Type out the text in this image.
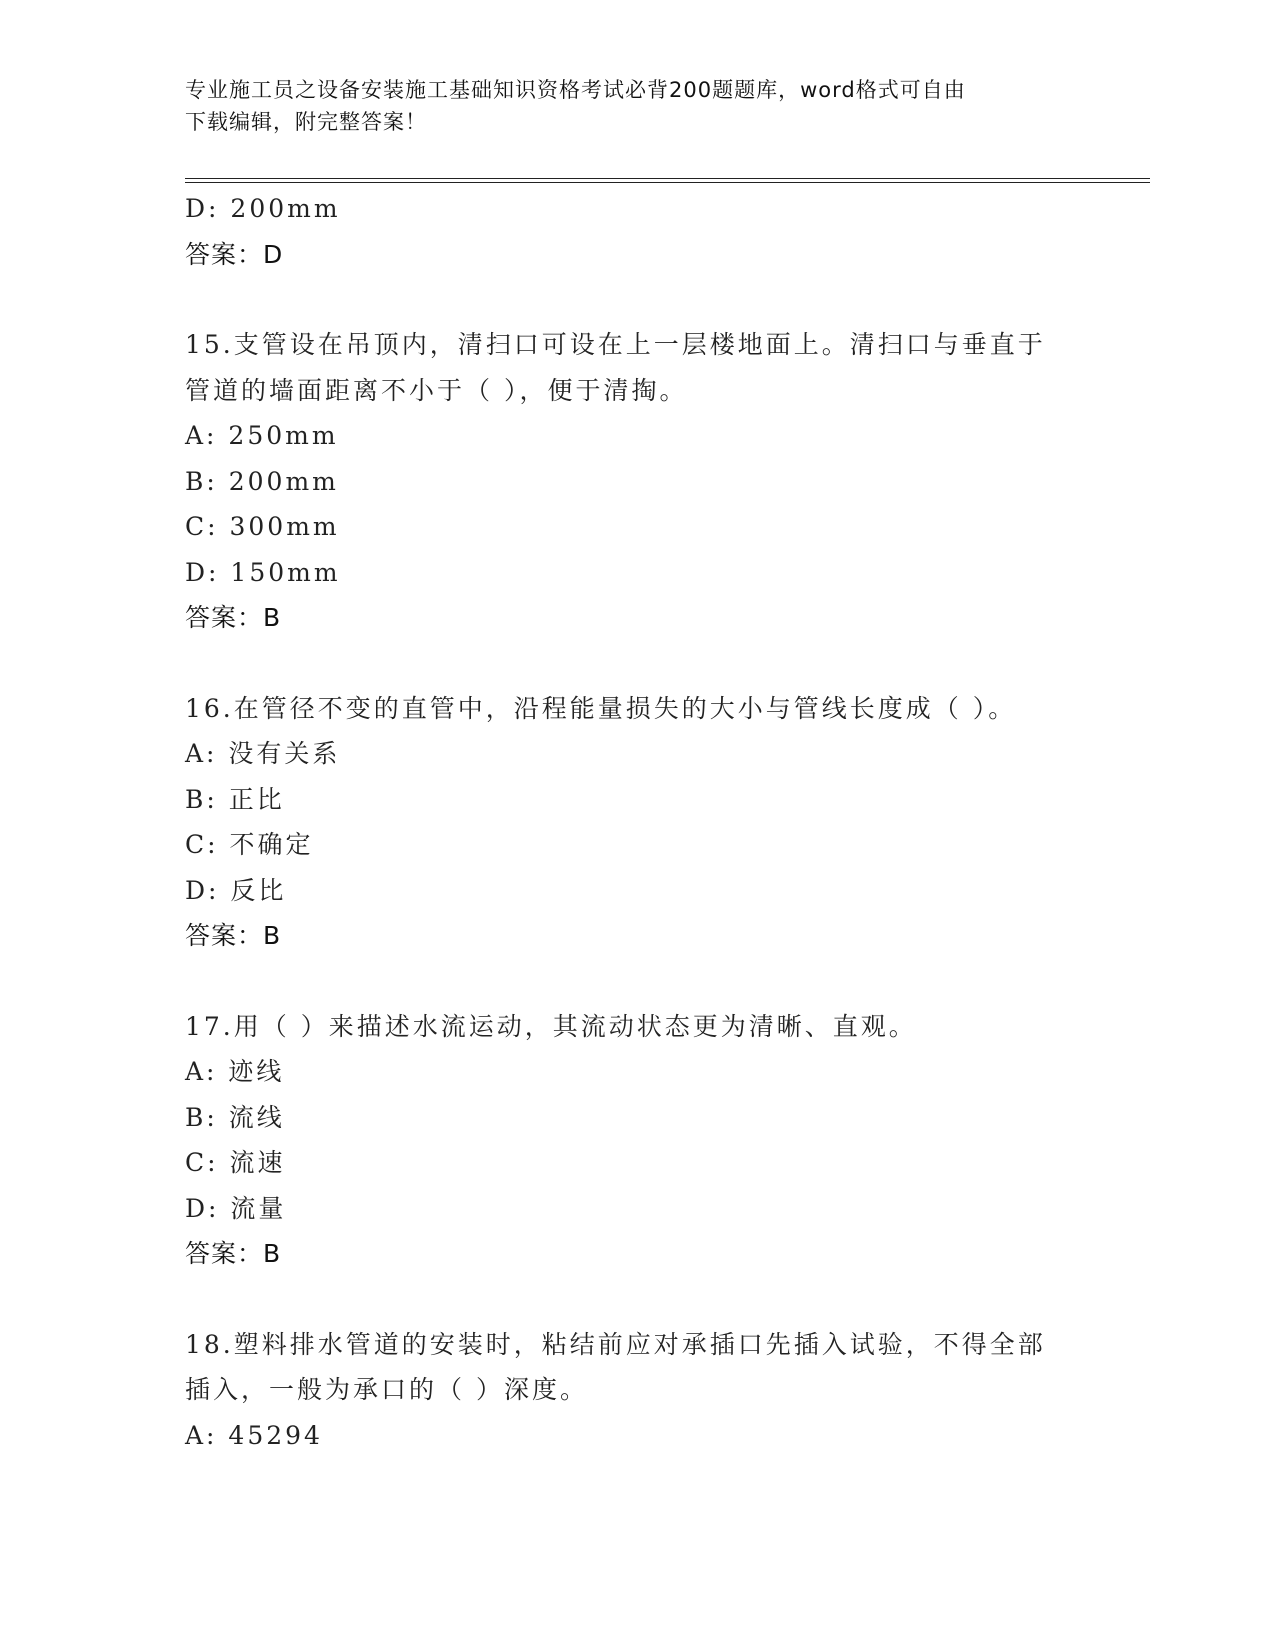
专业施工员之设备安装施工基础知识资格考试必背200题题库，word格式可自由
下载编辑，附完整答案！
D: 200mm
答案：D
15.支管设在吊顶内，清扫口可设在上一层楼地面上。清扫口与垂直于
管道的墙面距离不小于（ ），便于清掏。
A: 250mm
B: 200mm
C: 300mm
D: 150mm
答案：B
16.在管径不变的直管中，沿程能量损失的大小与管线长度成（ ）。
A: 没有关系
B: 正比
C: 不确定
D: 反比
答案：B
17.用（ ）来描述水流运动，其流动状态更为清晰、直观。
A: 迹线
B: 流线
C: 流速
D: 流量
答案：B
18.塑料排水管道的安装时，粘结前应对承插口先插入试验，不得全部
插入，一般为承口的（ ）深度。
A: 45294
